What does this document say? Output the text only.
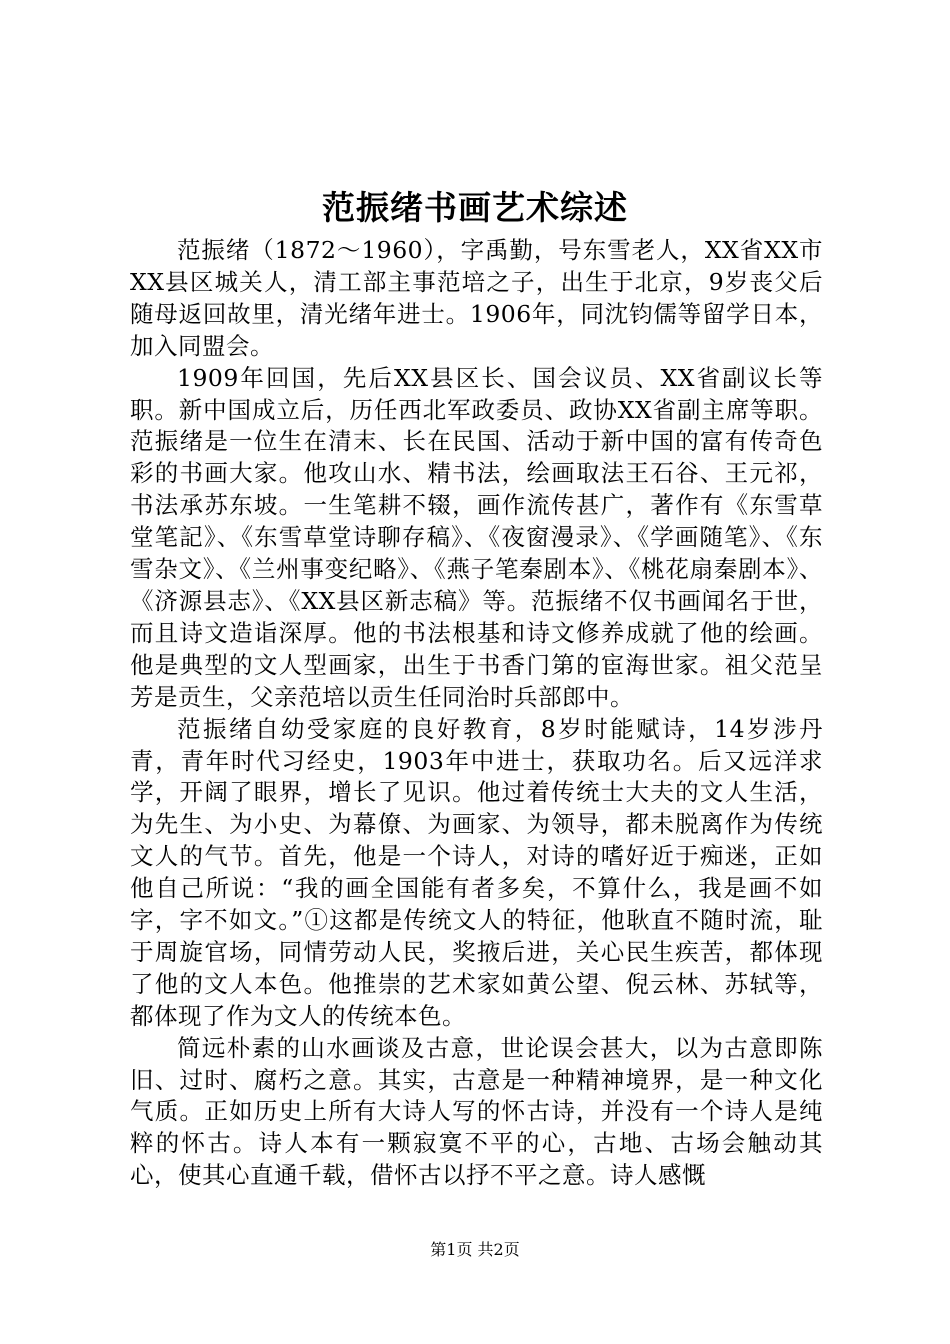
范振绪书画艺术综述

范振绪（1872～1960），字禹勤，号东雪老人，XX省XX市XX县区城关人，清工部主事范培之子，出生于北京，9岁丧父后随母返回故里，清光绪年进士。1906年，同沈钧儒等留学日本，加入同盟会。

1909年回国，先后XX县区长、国会议员、XX省副议长等职。新中国成立后，历任西北军政委员、政协XX省副主席等职。范振绪是一位生在清末、长在民国、活动于新中国的富有传奇色彩的书画大家。他攻山水、精书法，绘画取法王石谷、王元祁，书法承苏东坡。一生笔耕不辍，画作流传甚广，著作有《东雪草堂笔記》、《东雪草堂诗聊存稿》、《夜窗漫录》、《学画随笔》、《东雪杂文》、《兰州事变纪略》、《燕子笔秦剧本》、《桃花扇秦剧本》、《济源县志》、《XX县区新志稿》等。范振绪不仅书画闻名于世，而且诗文造诣深厚。他的书法根基和诗文修养成就了他的绘画。他是典型的文人型画家，出生于书香门第的宦海世家。祖父范呈芳是贡生，父亲范培以贡生任同治时兵部郎中。

范振绪自幼受家庭的良好教育，8岁时能赋诗，14岁涉丹青，青年时代习经史，1903年中进士，获取功名。后又远洋求学，开阔了眼界，增长了见识。他过着传统士大夫的文人生活，为先生、为小史、为幕僚、为画家、为领导，都未脱离作为传统文人的气节。首先，他是一个诗人，对诗的嗜好近于痴迷，正如他自己所说：“我的画全国能有者多矣，不算什么，我是画不如字，字不如文。”①这都是传统文人的特征，他耿直不随时流，耻于周旋官场，同情劳动人民，奖掖后进，关心民生疾苦，都体现了他的文人本色。他推崇的艺术家如黄公望、倪云林、苏轼等，都体现了作为文人的传统本色。

简远朴素的山水画谈及古意，世论误会甚大，以为古意即陈旧、过时、腐朽之意。其实，古意是一种精神境界，是一种文化气质。正如历史上所有大诗人写的怀古诗，并没有一个诗人是纯粹的怀古。诗人本有一颗寂寞不平的心，古地、古场会触动其心，使其心直通千载，借怀古以抒不平之意。诗人感慨

第1页 共2页
